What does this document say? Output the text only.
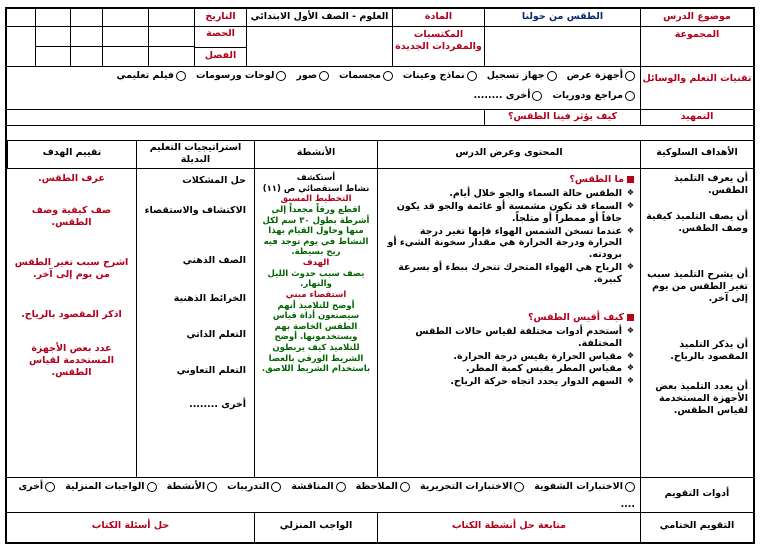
موضوع الدرس
الطقس من حولنا
المادة
العلوم - الصف الأول الابتدائي
التاريخ
المجموعة
المكتسبات والمفردات الجديدة
الحصة
الفصل
تقنيات التعلم والوسائل
أجهزة عرض
جهاز تسجيل
نماذج وعينات
مجسمات
صور
لوحات ورسومات
فيلم تعليمي
مراجع ودوريات
أخرى ........
التمهيد
كيف يؤثر فينا الطقس؟
الأهداف السلوكية
المحتوى وعرض الدرس
الأنشطة
استراتيجيات التعليم البديلة
تقييم الهدف
أن يعرف التلميذ الطقس.
أن يصف التلميذ كيفية وصف الطقس.
أن يشرح التلميذ سبب تغير الطقس من يوم إلى آخر.
أن يذكر التلميذ المقصود بالرياح.
أن يعدد التلميذ بعض الأجهزة المستخدمة لقياس الطقس.
ما الطقس؟
❖ الطقس حالة السماء والجو خلال أيام.
❖ السماء قد تكون مشمسة أو غائمة والجو قد يكون جافاً أو ممطراً أو متلجاً.
❖ عندما تسخن الشمس الهواء فإنها تغير درجة الحرارة ودرجة الحرارة هي مقدار سخونة الشيء أو برودته.
❖ الرياح هي الهواء المتحرك تتحرك ببطء أو بسرعة كبيرة.
كيف أقيس الطقس؟
❖ أستخدم أدوات مختلفة لقياس حالات الطقس المختلفة.
❖ مقياس الحرارة يقيس درجة الحرارة.
❖ مقياس المطر يقيس كمية المطر.
❖ السهم الدوار يحدد اتجاه حركة الرياح.
أستكشف
نشاط استقصائي ص (١١)
التخطيط المسبق
اقطع ورقاً مجعداً إلى أشرطة بطول ٣٠ سم لكل منها وحاول القيام بهذا النشاط في يوم توجد فيه ريح بسيطة.
الهدف
يصف سبب حدوث الليل والنهار.
استقصاء مبني
أوضح للتلاميذ أنهم سيصنعون أداة قياس الطقس الخاصة بهم ويستخدمونها. أوضح للتلاميذ كيف يربطون الشريط الورقي بالعصا باستخدام الشريط اللاصق.
حل المشكلات
الاكتشاف والاستقصاء
الصف الذهني
الخرائط الذهنية
التعلم الذاتي
التعلم التعاوني
أخرى ........
عرف الطقس.
صف كيفية وصف الطقس.
اشرح سبب تغير الطقس من يوم إلى آخر.
اذكر المقصود بالرياح.
عدد بعض الأجهزة المستخدمة لقياس الطقس.
أدوات التقويم
الاختبارات الشفوية
الاختبارات التحريرية
الملاحظة
المناقشة
التدريبات
الأنشطة
الواجبات المنزلية
أخرى
....
التقويم الختامي
متابعة حل أنشطة الكتاب
الواجب المنزلي
حل أسئلة الكتاب
